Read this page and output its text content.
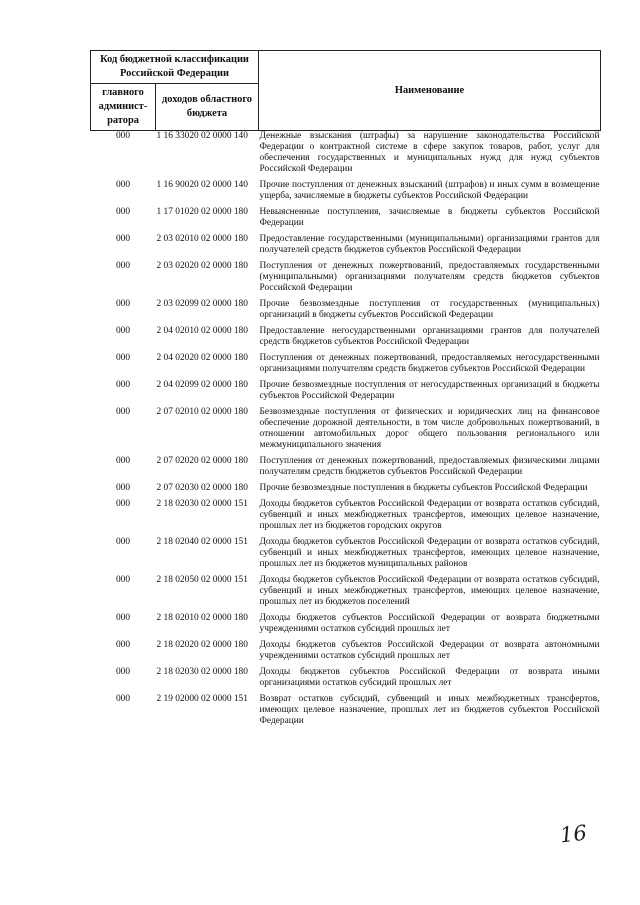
Код бюджетной классификации Российской Федерации		Наименование
главного админист-ратора	доходов областного бюджета	
000	1 16 33020 02 0000 140	Денежные взыскания (штрафы) за нарушение законодательства Российской Федерации о контрактной системе в сфере закупок товаров, работ, услуг для обеспечения государственных и муниципальных нужд для нужд субъектов Российской Федерации
000	1 16 90020 02 0000 140	Прочие поступления от денежных взысканий (штрафов) и иных сумм в возмещение ущерба, зачисляемые в бюджеты субъектов Российской Федерации
000	1 17 01020 02 0000 180	Невыясненные поступления, зачисляемые в бюджеты субъектов Российской Федерации
000	2 03 02010 02 0000 180	Предоставление государственными (муниципальными) организациями грантов для получателей средств бюджетов субъектов Российской Федерации
000	2 03 02020 02 0000 180	Поступления от денежных пожертвований, предоставляемых государственными (муниципальными) организациями получателям средств бюджетов субъектов Российской Федерации
000	2 03 02099 02 0000 180	Прочие безвозмездные поступления от государственных (муниципальных) организаций в бюджеты субъектов Российской Федерации
000	2 04 02010 02 0000 180	Предоставление негосударственными организациями грантов для получателей средств бюджетов субъектов Российской Федерации
000	2 04 02020 02 0000 180	Поступления от денежных пожертвований, предоставляемых негосударственными организациями получателям средств бюджетов субъектов Российской Федерации
000	2 04 02099 02 0000 180	Прочие безвозмездные поступления от негосударственных организаций в бюджеты субъектов Российской Федерации
000	2 07 02010 02 0000 180	Безвозмездные поступления от физических и юридических лиц на финансовое обеспечение дорожной деятельности, в том числе добровольных пожертвований, в отношении автомобильных дорог общего пользования регионального или межмуниципального значения
000	2 07 02020 02 0000 180	Поступления от денежных пожертвований, предоставляемых физическими лицами получателям средств бюджетов субъектов Российской Федерации
000	2 07 02030 02 0000 180	Прочие безвозмездные поступления в бюджеты субъектов Российской Федерации
000	2 18 02030 02 0000 151	Доходы бюджетов субъектов Российской Федерации от возврата остатков субсидий, субвенций и иных межбюджетных трансфертов, имеющих целевое назначение, прошлых лет из бюджетов городских округов
000	2 18 02040 02 0000 151	Доходы бюджетов субъектов Российской Федерации от возврата остатков субсидий, субвенций и иных межбюджетных трансфертов, имеющих целевое назначение, прошлых лет из бюджетов муниципальных районов
000	2 18 02050 02 0000 151	Доходы бюджетов субъектов Российской Федерации от возврата остатков субсидий, субвенций и иных межбюджетных трансфертов, имеющих целевое назначение, прошлых лет из бюджетов поселений
000	2 18 02010 02 0000 180	Доходы бюджетов субъектов Российской Федерации от возврата бюджетными учреждениями остатков субсидий прошлых лет
000	2 18 02020 02 0000 180	Доходы бюджетов субъектов Российской Федерации от возврата автономными учреждениями остатков субсидий прошлых лет
000	2 18 02030 02 0000 180	Доходы бюджетов субъектов Российской Федерации от возврата иными организациями остатков субсидий прошлых лет
000	2 19 02000 02 0000 151	Возврат остатков субсидий, субвенций и иных межбюджетных трансфертов, имеющих целевое назначение, прошлых лет из бюджетов субъектов Российской Федерации
16
